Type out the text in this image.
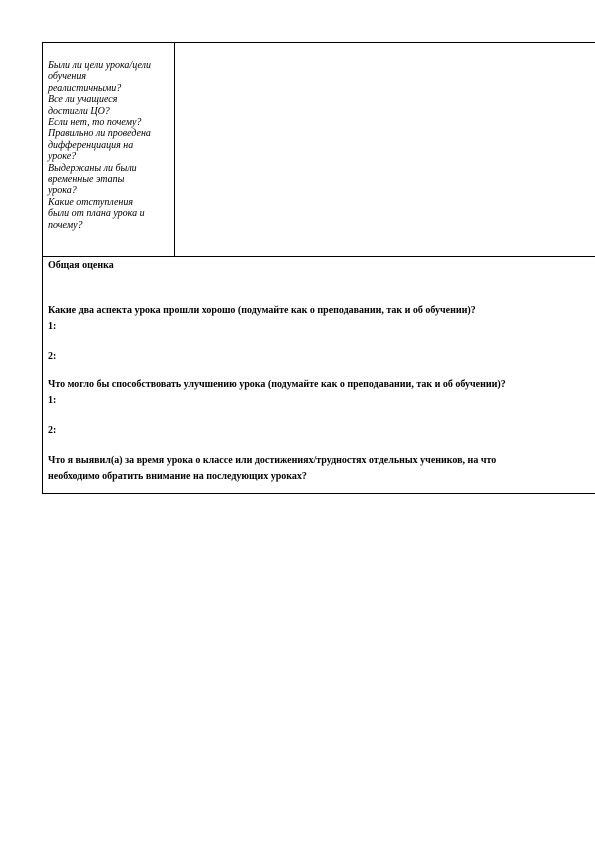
Были ли цели урока/цели
обучения
реалистичными?
Все ли учащиеся
достигли ЦО?
Если нет, то почему?
Правильно ли проведена
дифференциация на
уроке?
Выдержаны ли были
временные этапы
урока?
Какие отступления
были от плана урока и
почему?
Общая оценка
Какие два аспекта урока прошли хорошо (подумайте как о преподавании, так и об обучении)?
1:
2:
Что могло бы способствовать улучшению урока (подумайте как о преподавании, так и об обучении)?
1:
2:
Что я выявил(а) за время урока о классе или достижениях/трудностях отдельных учеников, на что
необходимо обратить внимание на последующих уроках?
